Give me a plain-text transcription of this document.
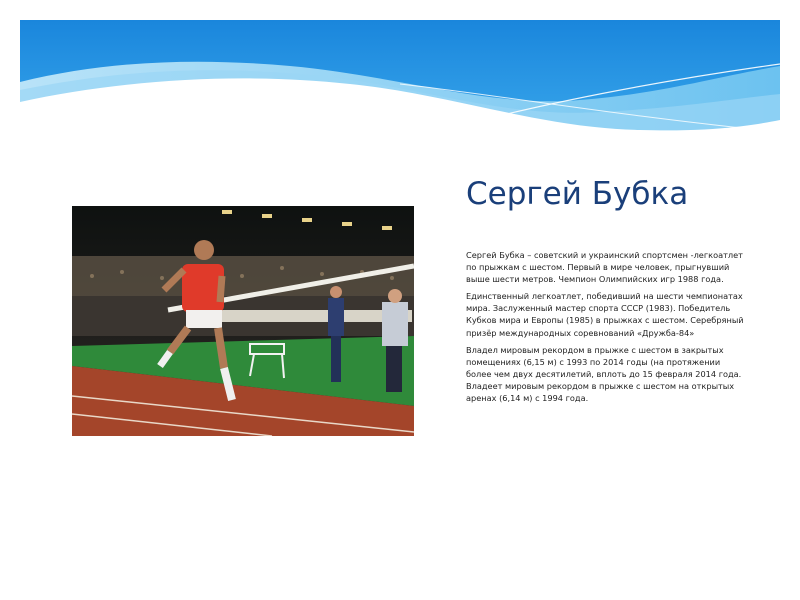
Сергей Бубка

Сергей Бубка – советский и украинский спортсмен -легкоатлет по прыжкам с шестом. Первый в мире человек, прыгнувший выше шести метров. Чемпион Олимпийских игр 1988 года.

Единственный легкоатлет, победивший на шести чемпионатах мира. Заслуженный мастер спорта СССР (1983). Победитель Кубков мира и Европы (1985) в прыжках с шестом. Серебряный призёр международных соревнований «Дружба-84»

Владел мировым рекордом в прыжке с шестом в закрытых помещениях (6,15 м) с 1993 по 2014 годы (на протяжении более чем двух десятилетий, вплоть до 15 февраля 2014 года. Владеет мировым рекордом в прыжке с шестом на открытых аренах (6,14 м) с 1994 года.
